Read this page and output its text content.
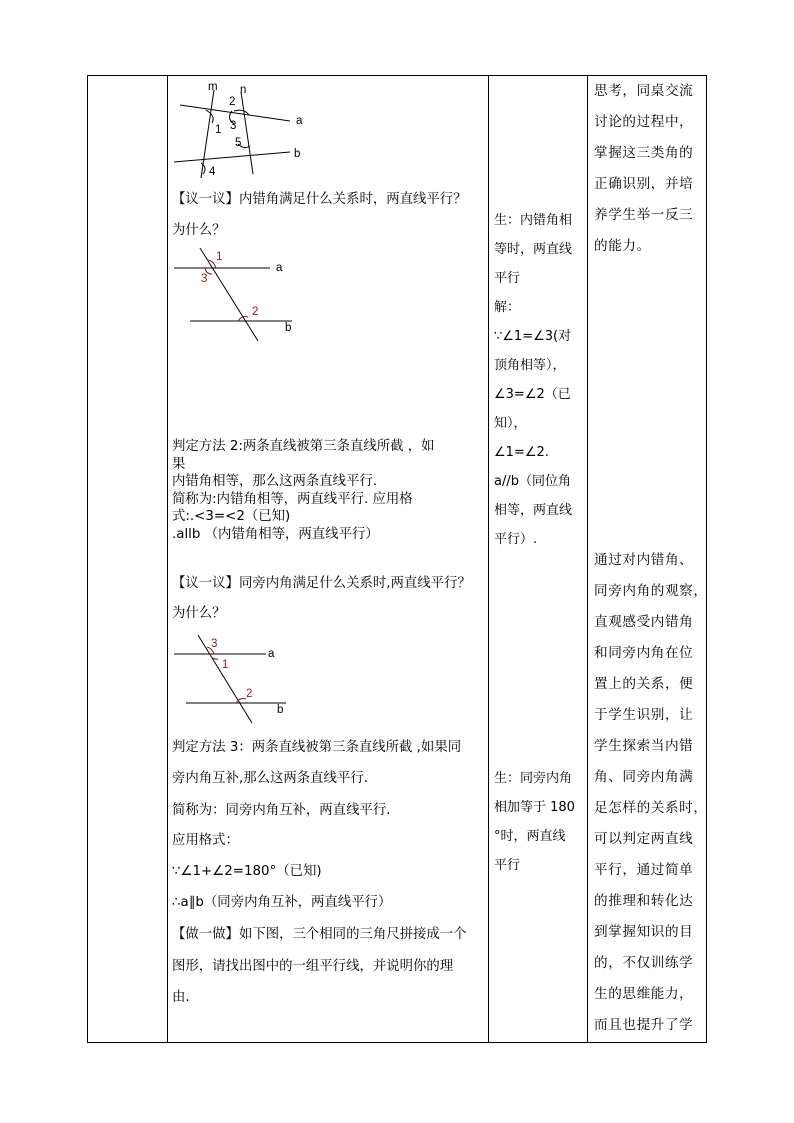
m n
2
1 3
5
4
a
b

【议一议】内错角满足什么关系时，两直线平行？

为什么？

1
3
2
a
b
判定方法 2:两条直线被第三条直线所截 ，如
果
内错角相等，那么这两条直线平行.
简称为:内错角相等，两直线平行. 应用格
式:.<3=<2（已知)
.allb （内错角相等，两直线平行）

【议一议】同旁内角满足什么关系时,两直线平行？

为什么？

3
1
2
a
b

判定方法 3：两条直线被第三条直线所截 ,如果同

旁内角互补,那么这两条直线平行.

简称为：同旁内角互补，两直线平行.

应用格式：

∵∠1+∠2=180°（已知)

∴a∥b（同旁内角互补，两直线平行）

【做一做】如下图，三个相同的三角尺拼接成一个

图形，请找出图中的一组平行线，并说明你的理

由.

生：内错角相
等时，两直线
平行
解：
∵∠1=∠3(对
顶角相等），
∠3=∠2（已
知），
∠1=∠2.
a//b（同位角
相等，两直线
平行）.
生：同旁内角
相加等于 180
°时，两直线
平行
思考，同桌交流
讨论的过程中，
掌握这三类角的
正确识别，并培
养学生举一反三
的能力。
通过对内错角、
同旁内角的观察，
直观感受内错角
和同旁内角在位
置上的关系，便
于学生识别，让
学生探索当内错
角、同旁内角满
足怎样的关系时，
可以判定两直线
平行，通过简单
的推理和转化达
到掌握知识的目
的，不仅训练学
生的思维能力，
而且也提升了学
